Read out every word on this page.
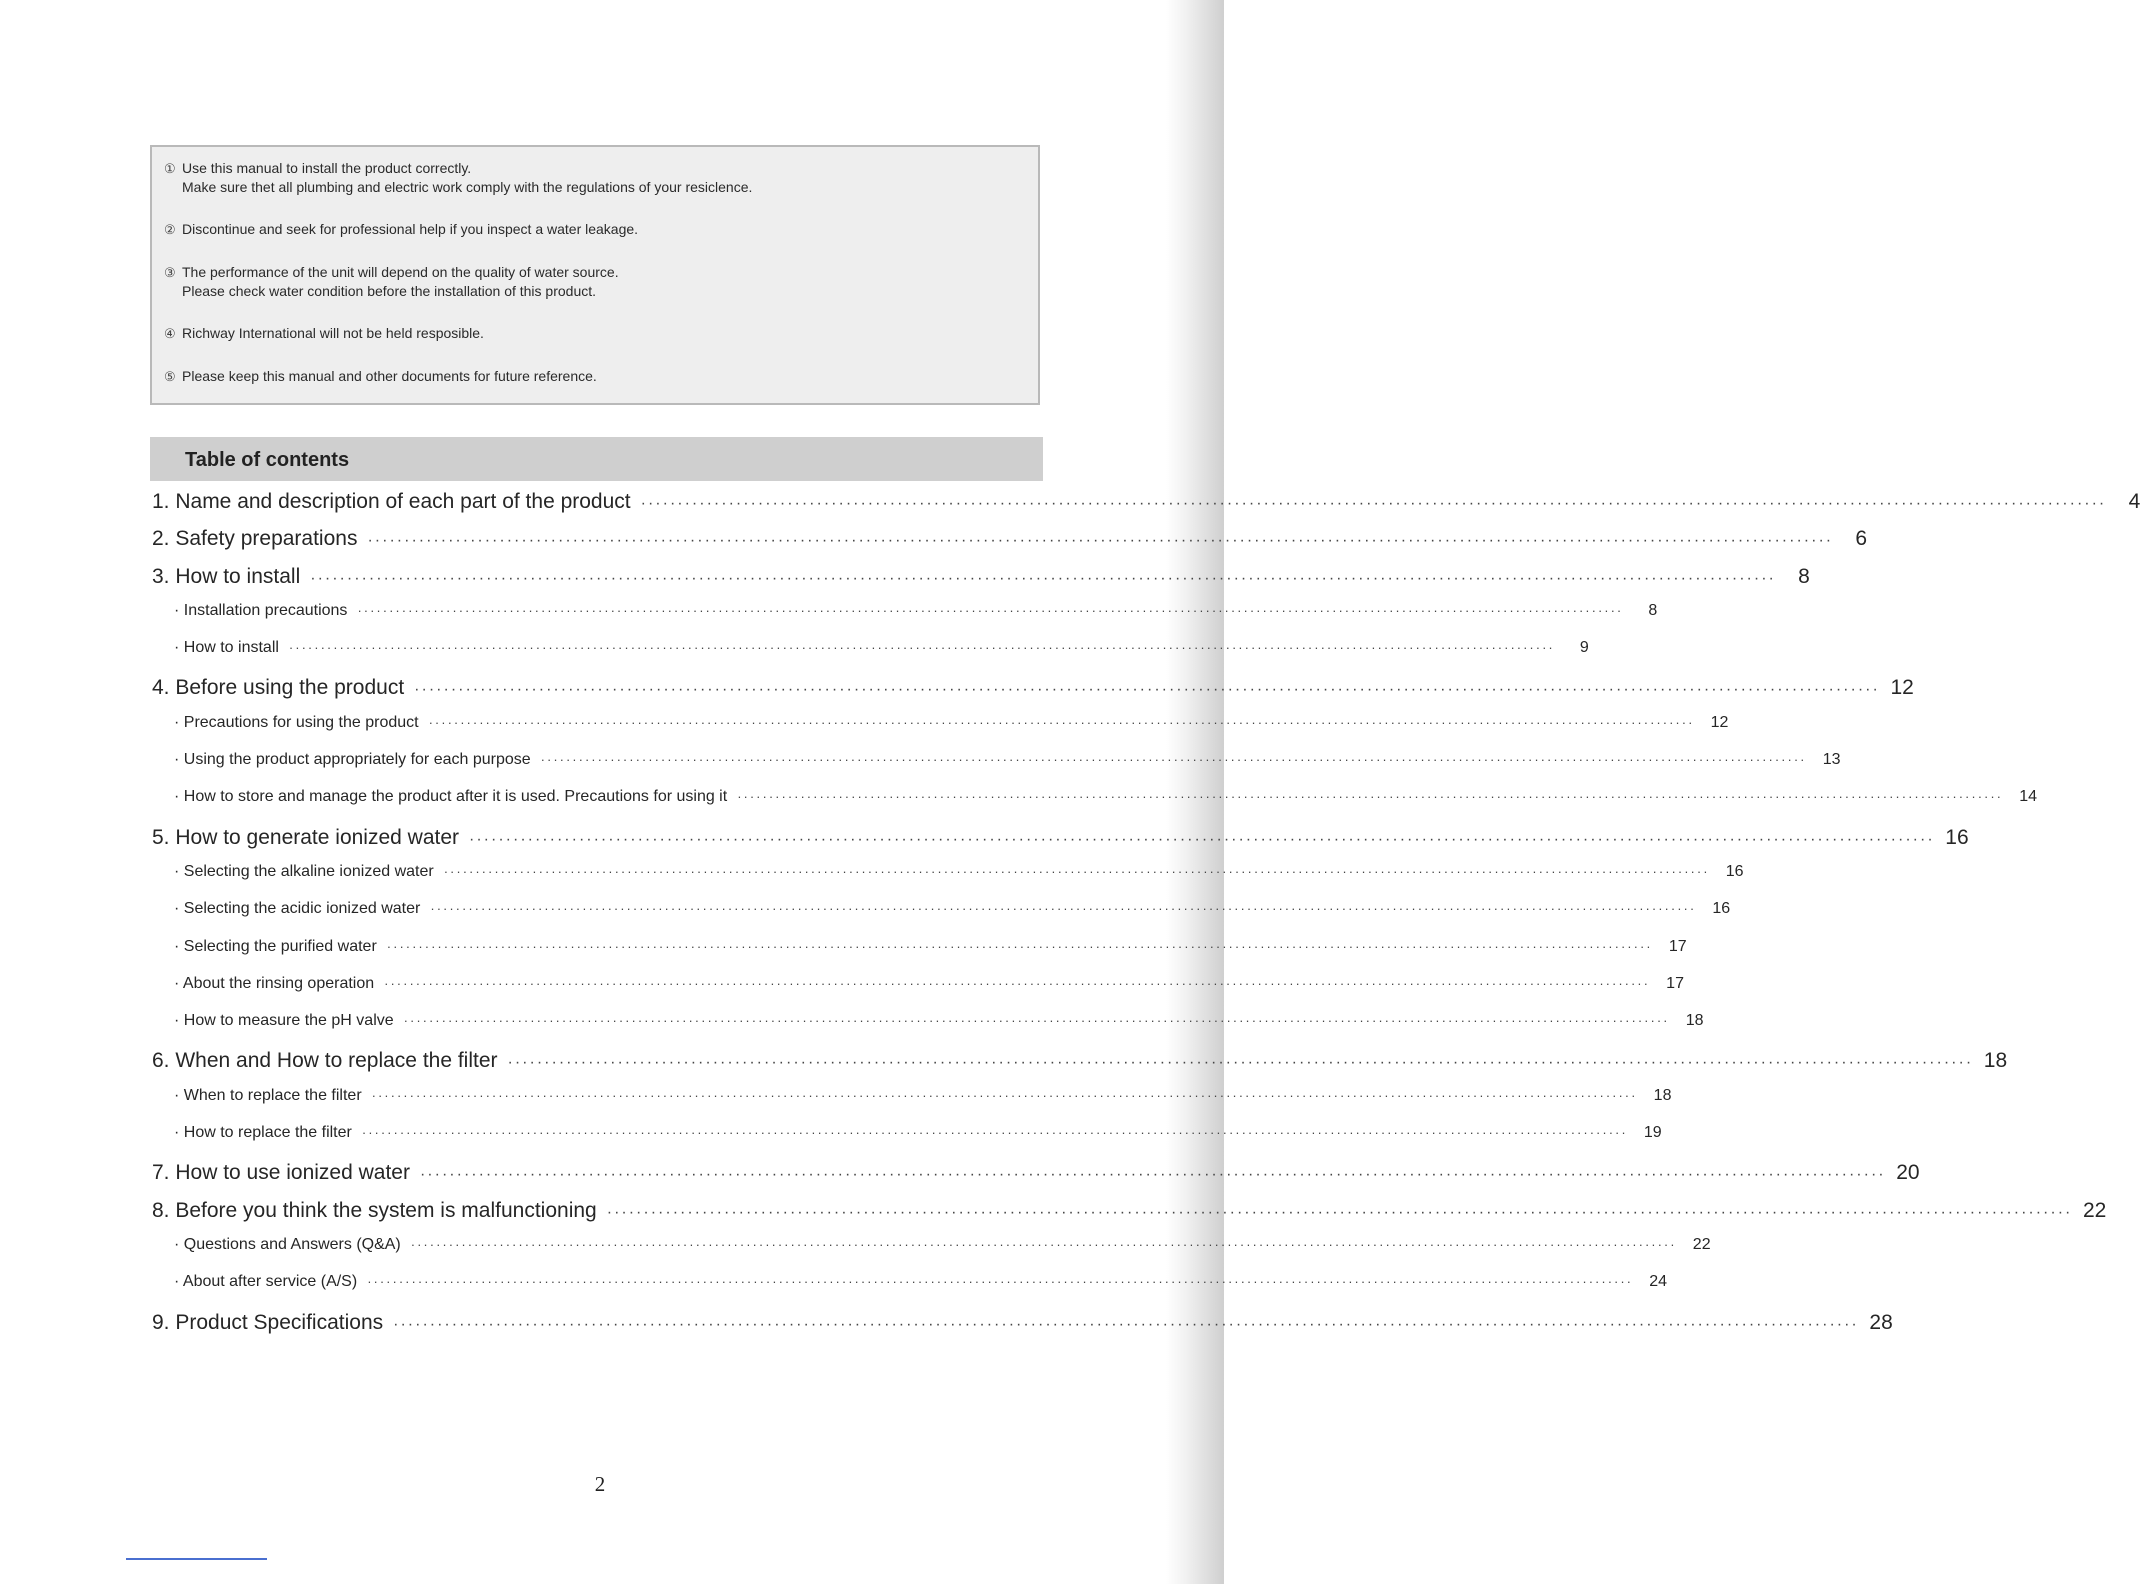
① Use this manual to install the product correctly.
Make sure thet all plumbing and electric work comply with the regulations of your resiclence.
② Discontinue and seek for professional help if you inspect a water leakage.
③ The performance of the unit will depend on the quality of water source.
Please check water condition before the installation of this product.
④ Richway International will not be held resposible.
⑤ Please keep this manual and other documents for future reference.
Table of contents
1. Name and description of each part of the product ········································································································································································································	4
2. Safety preparations ········································································································································································································	6
3. How to install ········································································································································································································	8
· Installation precautions ········································································································································································································	8
· How to install ········································································································································································································	9
4. Before using the product ········································································································································································································ 12
· Precautions for using the product ········································································································································································································	12
· Using the product appropriately for each purpose ········································································································································································································	13
· How to store and manage the product after it is used. Precautions for using it ········································································································································································································	14
5. How to generate ionized water ········································································································································································································ 16
· Selecting the alkaline ionized water ········································································································································································································	16
· Selecting the acidic ionized water ········································································································································································································	16
· Selecting the purified water ········································································································································································································	17
· About the rinsing operation ········································································································································································································	17
· How to measure the pH valve ········································································································································································································	18
6. When and How to replace the filter ········································································································································································································ 18
· When to replace the filter ········································································································································································································	18
· How to replace the filter ········································································································································································································	19
7. How to use ionized water ········································································································································································································ 20
8. Before you think the system is malfunctioning ········································································································································································································ 22
· Questions and Answers (Q&A) ········································································································································································································	22
· About after service (A/S) ········································································································································································································	24
9. Product Specifications ········································································································································································································ 28
2
